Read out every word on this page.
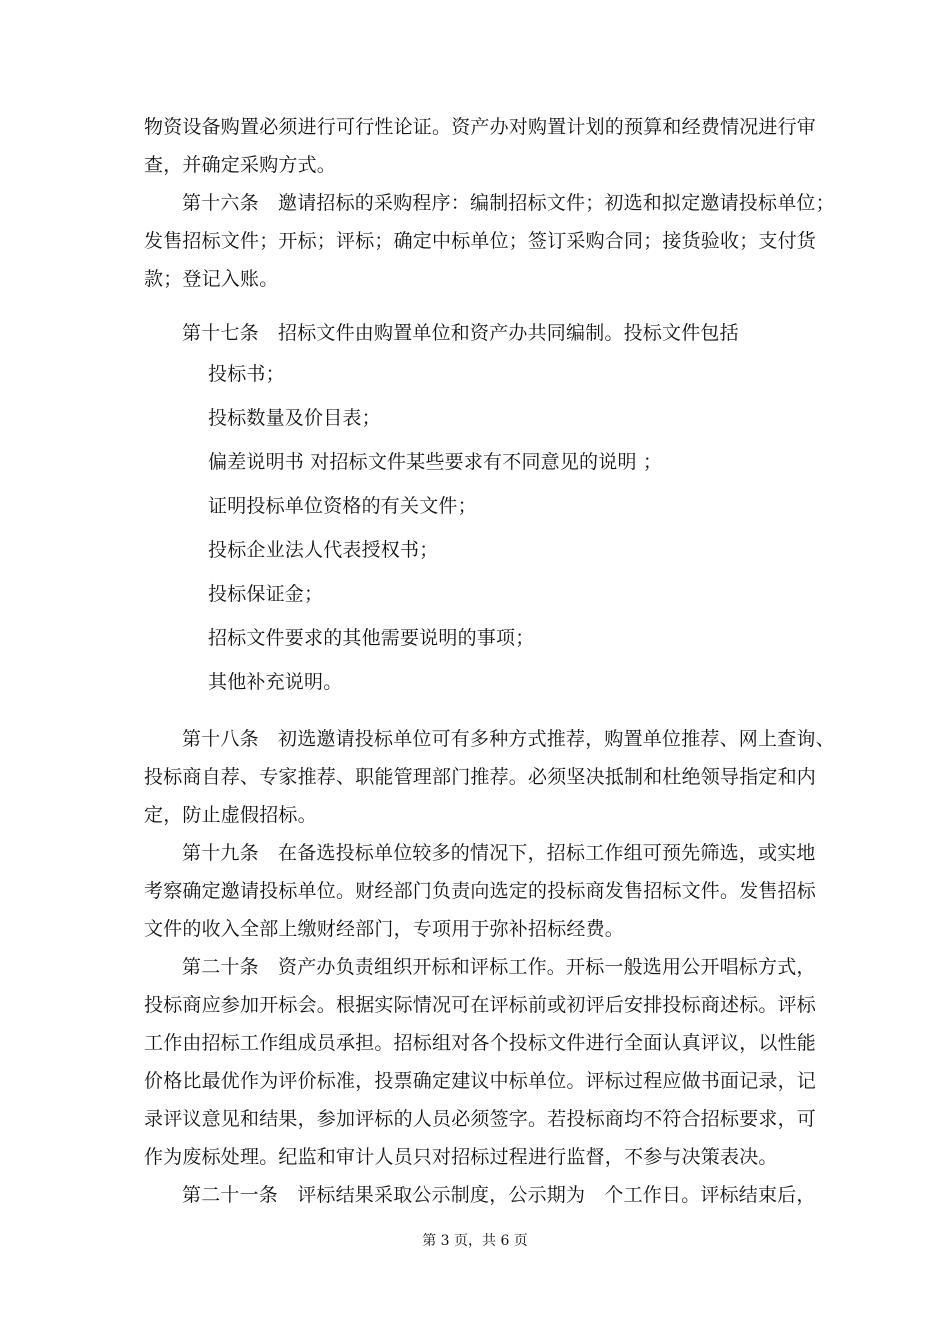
物资设备购置必须进行可行性论证。资产办对购置计划的预算和经费情况进行审
查，并确定采购方式。
第十六条　邀请招标的采购程序：编制招标文件；初选和拟定邀请投标单位；
发售招标文件；开标；评标；确定中标单位；签订采购合同；接货验收；支付货
款；登记入账。
第十七条　招标文件由购置单位和资产办共同编制。投标文件包括
投标书；
投标数量及价目表；
偏差说明书 对招标文件某些要求有不同意见的说明 ；
证明投标单位资格的有关文件；
投标企业法人代表授权书；
投标保证金；
招标文件要求的其他需要说明的事项；
其他补充说明。
第十八条　初选邀请投标单位可有多种方式推荐，购置单位推荐、网上查询、
投标商自荐、专家推荐、职能管理部门推荐。必须坚决抵制和杜绝领导指定和内
定，防止虚假招标。
第十九条　在备选投标单位较多的情况下，招标工作组可预先筛选，或实地
考察确定邀请投标单位。财经部门负责向选定的投标商发售招标文件。发售招标
文件的收入全部上缴财经部门，专项用于弥补招标经费。
第二十条　资产办负责组织开标和评标工作。开标一般选用公开唱标方式，
投标商应参加开标会。根据实际情况可在评标前或初评后安排投标商述标。评标
工作由招标工作组成员承担。招标组对各个投标文件进行全面认真评议，以性能
价格比最优作为评价标准，投票确定建议中标单位。评标过程应做书面记录，记
录评议意见和结果，参加评标的人员必须签字。若投标商均不符合招标要求，可
作为废标处理。纪监和审计人员只对招标过程进行监督，不参与决策表决。
第二十一条　评标结果采取公示制度，公示期为　个工作日。评标结束后，
第 3 页，共 6 页
